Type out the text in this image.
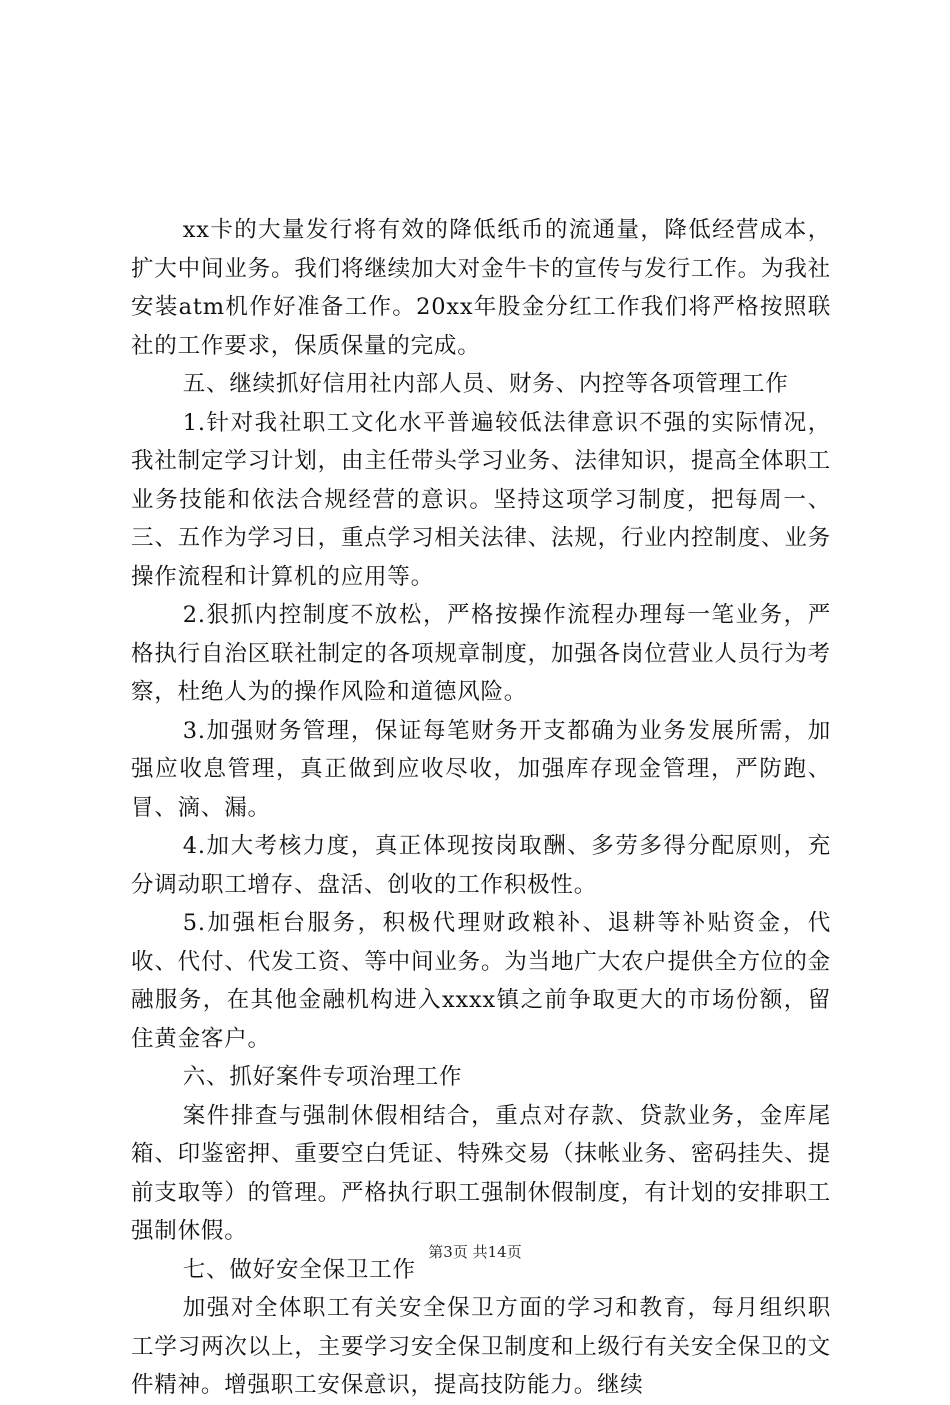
xx卡的大量发行将有效的降低纸币的流通量，降低经营成本，扩大中间业务。我们将继续加大对金牛卡的宣传与发行工作。为我社安装atm机作好准备工作。20xx年股金分红工作我们将严格按照联社的工作要求，保质保量的完成。

五、继续抓好信用社内部人员、财务、内控等各项管理工作

1.针对我社职工文化水平普遍较低法律意识不强的实际情况，我社制定学习计划，由主任带头学习业务、法律知识，提高全体职工业务技能和依法合规经营的意识。坚持这项学习制度，把每周一、三、五作为学习日，重点学习相关法律、法规，行业内控制度、业务操作流程和计算机的应用等。

2.狠抓内控制度不放松，严格按操作流程办理每一笔业务，严格执行自治区联社制定的各项规章制度，加强各岗位营业人员行为考察，杜绝人为的操作风险和道德风险。

3.加强财务管理，保证每笔财务开支都确为业务发展所需，加强应收息管理，真正做到应收尽收，加强库存现金管理，严防跑、冒、滴、漏。

4.加大考核力度，真正体现按岗取酬、多劳多得分配原则，充分调动职工增存、盘活、创收的工作积极性。

5.加强柜台服务，积极代理财政粮补、退耕等补贴资金，代收、代付、代发工资、等中间业务。为当地广大农户提供全方位的金融服务，在其他金融机构进入xxxx镇之前争取更大的市场份额，留住黄金客户。

六、抓好案件专项治理工作

案件排查与强制休假相结合，重点对存款、贷款业务，金库尾箱、印鉴密押、重要空白凭证、特殊交易（抹帐业务、密码挂失、提前支取等）的管理。严格执行职工强制休假制度，有计划的安排职工强制休假。

七、做好安全保卫工作

加强对全体职工有关安全保卫方面的学习和教育，每月组织职工学习两次以上，主要学习安全保卫制度和上级行有关安全保卫的文件精神。增强职工安保意识，提高技防能力。继续

第3页 共14页
